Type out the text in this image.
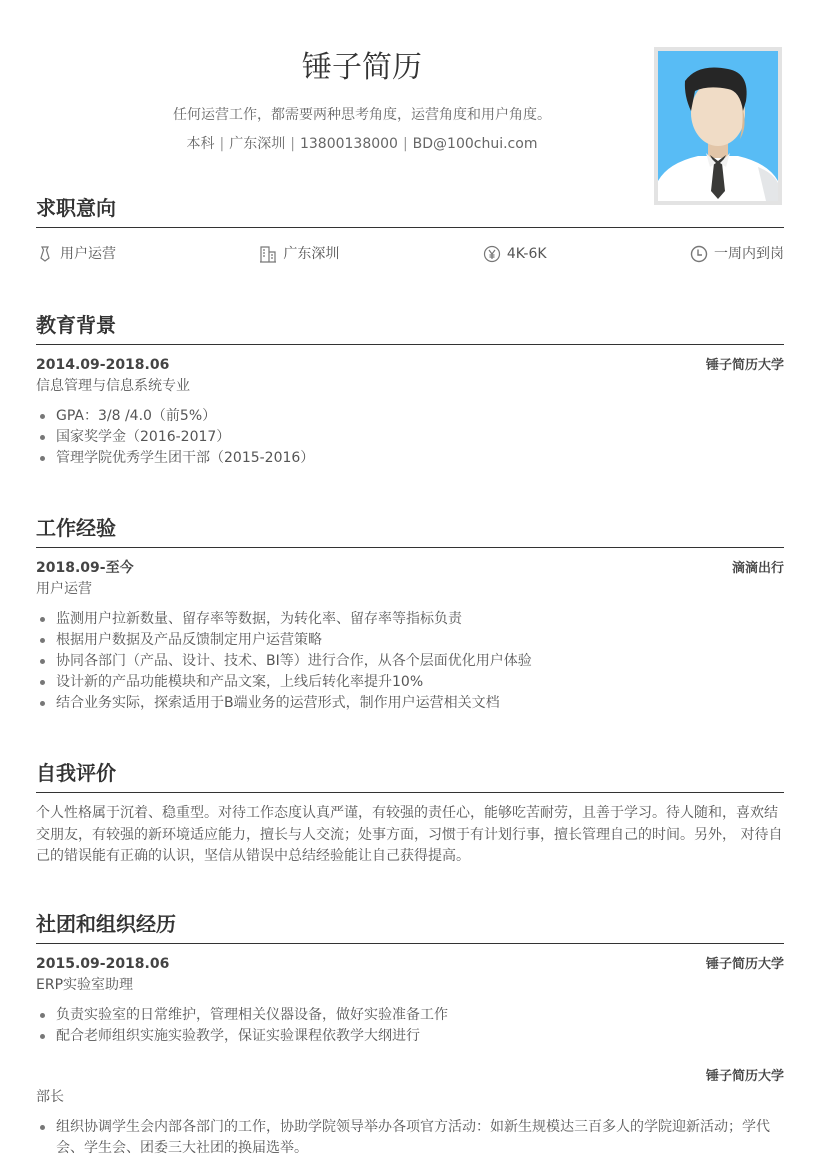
锤子简历
任何运营工作，都需要两种思考角度，运营角度和用户角度。
本科 | 广东深圳 | 13800138000 | BD@100chui.com
求职意向
用户运营	广东深圳	4K-6K	一周内到岗
教育背景
2014.09-2018.06	锤子简历大学
信息管理与信息系统专业
GPA：3/8 /4.0（前5%）
国家奖学金（2016-2017）
管理学院优秀学生团干部（2015-2016）
工作经验
2018.09-至今	滴滴出行
用户运营
监测用户拉新数量、留存率等数据，为转化率、留存率等指标负责
根据用户数据及产品反馈制定用户运营策略
协同各部门（产品、设计、技术、BI等）进行合作，从各个层面优化用户体验
设计新的产品功能模块和产品文案，上线后转化率提升10%
结合业务实际，探索适用于B端业务的运营形式，制作用户运营相关文档
自我评价
个人性格属于沉着、稳重型。对待工作态度认真严谨，有较强的责任心，能够吃苦耐劳，且善于学习。待人随和，喜欢结交朋友，有较强的新环境适应能力，擅长与人交流；处事方面，习惯于有计划行事，擅长管理自己的时间。另外， 对待自己的错误能有正确的认识，坚信从错误中总结经验能让自己获得提高。
社团和组织经历
2015.09-2018.06	锤子简历大学
ERP实验室助理
负责实验室的日常维护，管理相关仪器设备，做好实验准备工作
配合老师组织实施实验教学，保证实验课程依教学大纲进行
锤子简历大学
部长
组织协调学生会内部各部门的工作，协助学院领导举办各项官方活动：如新生规模达三百多人的学院迎新活动；学代会、学生会、团委三大社团的换届选举。
